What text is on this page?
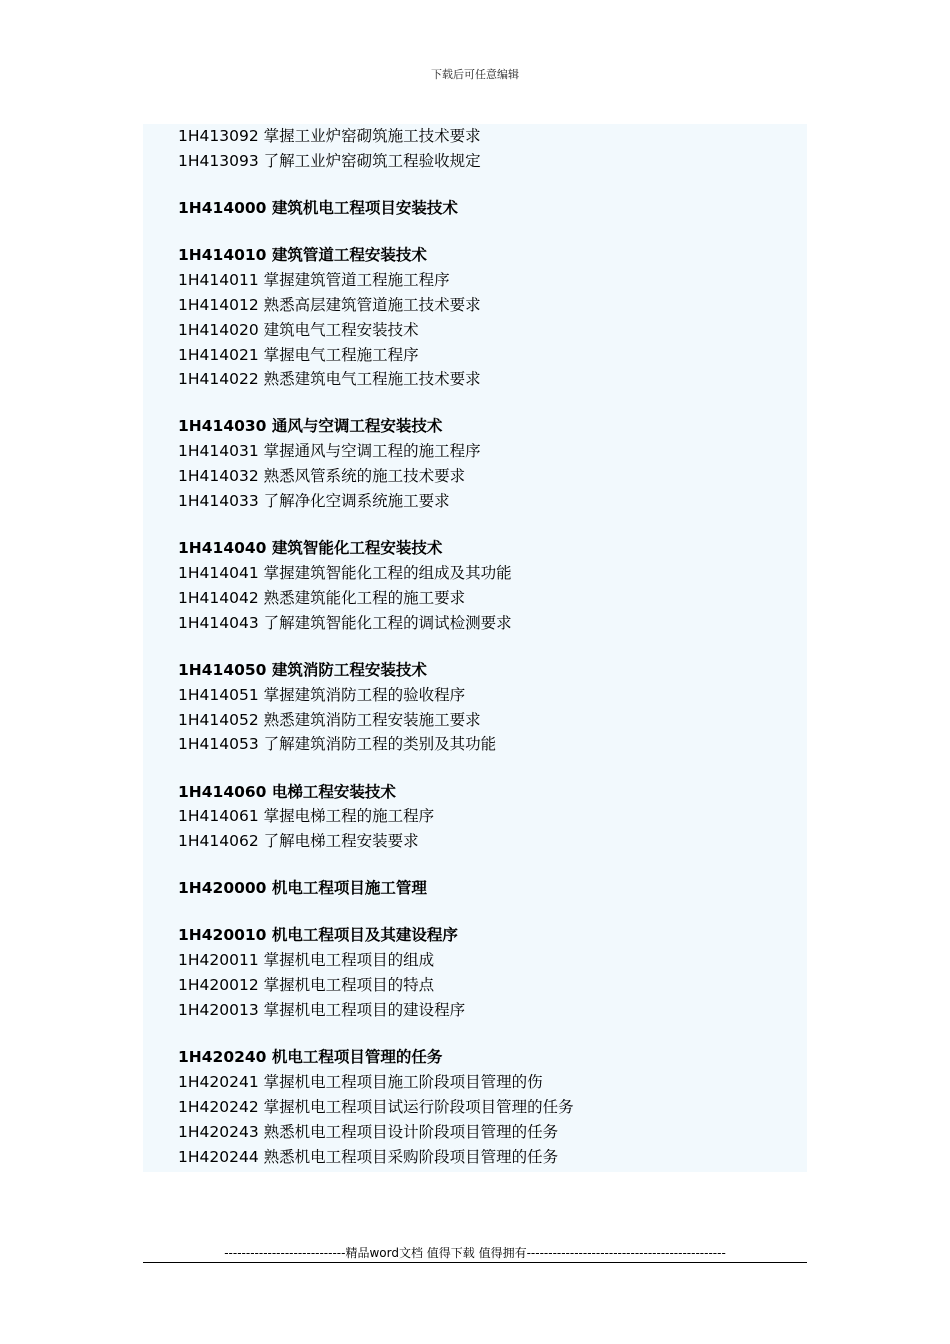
下载后可任意编辑
1H413092 掌握工业炉窑砌筑施工技术要求
1H413093 了解工业炉窑砌筑工程验收规定
1H414000 建筑机电工程项目安装技术
1H414010 建筑管道工程安装技术
1H414011 掌握建筑管道工程施工程序
1H414012 熟悉高层建筑管道施工技术要求
1H414020 建筑电气工程安装技术
1H414021 掌握电气工程施工程序
1H414022 熟悉建筑电气工程施工技术要求
1H414030 通风与空调工程安装技术
1H414031 掌握通风与空调工程的施工程序
1H414032 熟悉风管系统的施工技术要求
1H414033 了解净化空调系统施工要求
1H414040 建筑智能化工程安装技术
1H414041 掌握建筑智能化工程的组成及其功能
1H414042 熟悉建筑能化工程的施工要求
1H414043 了解建筑智能化工程的调试检测要求
1H414050 建筑消防工程安装技术
1H414051 掌握建筑消防工程的验收程序
1H414052 熟悉建筑消防工程安装施工要求
1H414053 了解建筑消防工程的类别及其功能
1H414060 电梯工程安装技术
1H414061 掌握电梯工程的施工程序
1H414062 了解电梯工程安装要求
1H420000 机电工程项目施工管理
1H420010 机电工程项目及其建设程序
1H420011 掌握机电工程项目的组成
1H420012 掌握机电工程项目的特点
1H420013 掌握机电工程项目的建设程序
1H420240 机电工程项目管理的任务
1H420241 掌握机电工程项目施工阶段项目管理的伤
1H420242 掌握机电工程项目试运行阶段项目管理的任务
1H420243 熟悉机电工程项目设计阶段项目管理的任务
1H420244 熟悉机电工程项目采购阶段项目管理的任务
----------------------------精品word文档 值得下载 值得拥有----------------------------------------------
